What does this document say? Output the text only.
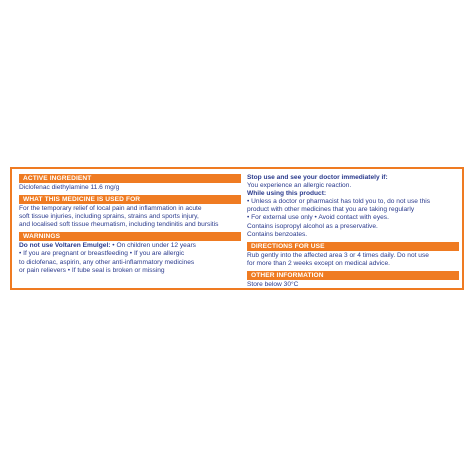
ACTIVE INGREDIENT
Diclofenac diethylamine 11.6 mg/g
WHAT THIS MEDICINE IS USED FOR
For the temporary relief of local pain and inflammation in acute
soft tissue injuries, including sprains, strains and sports injury,
and localised soft tissue rheumatism, including tendinitis and bursitis
WARNINGS
Do not use Voltaren Emulgel: • On children under 12 years
• If you are pregnant or breastfeeding • If you are allergic
to diclofenac, aspirin, any other anti-inflammatory medicines
or pain relievers • If tube seal is broken or missing
Stop use and see your doctor immediately if:
You experience an allergic reaction.
While using this product:
• Unless a doctor or pharmacist has told you to, do not use this
product with other medicines that you are taking regularly
• For external use only • Avoid contact with eyes.
Contains isopropyl alcohol as a preservative.
Contains benzoates.
DIRECTIONS FOR USE
Rub gently into the affected area 3 or 4 times daily. Do not use
for more than 2 weeks except on medical advice.
OTHER INFORMATION
Store below 30°C
